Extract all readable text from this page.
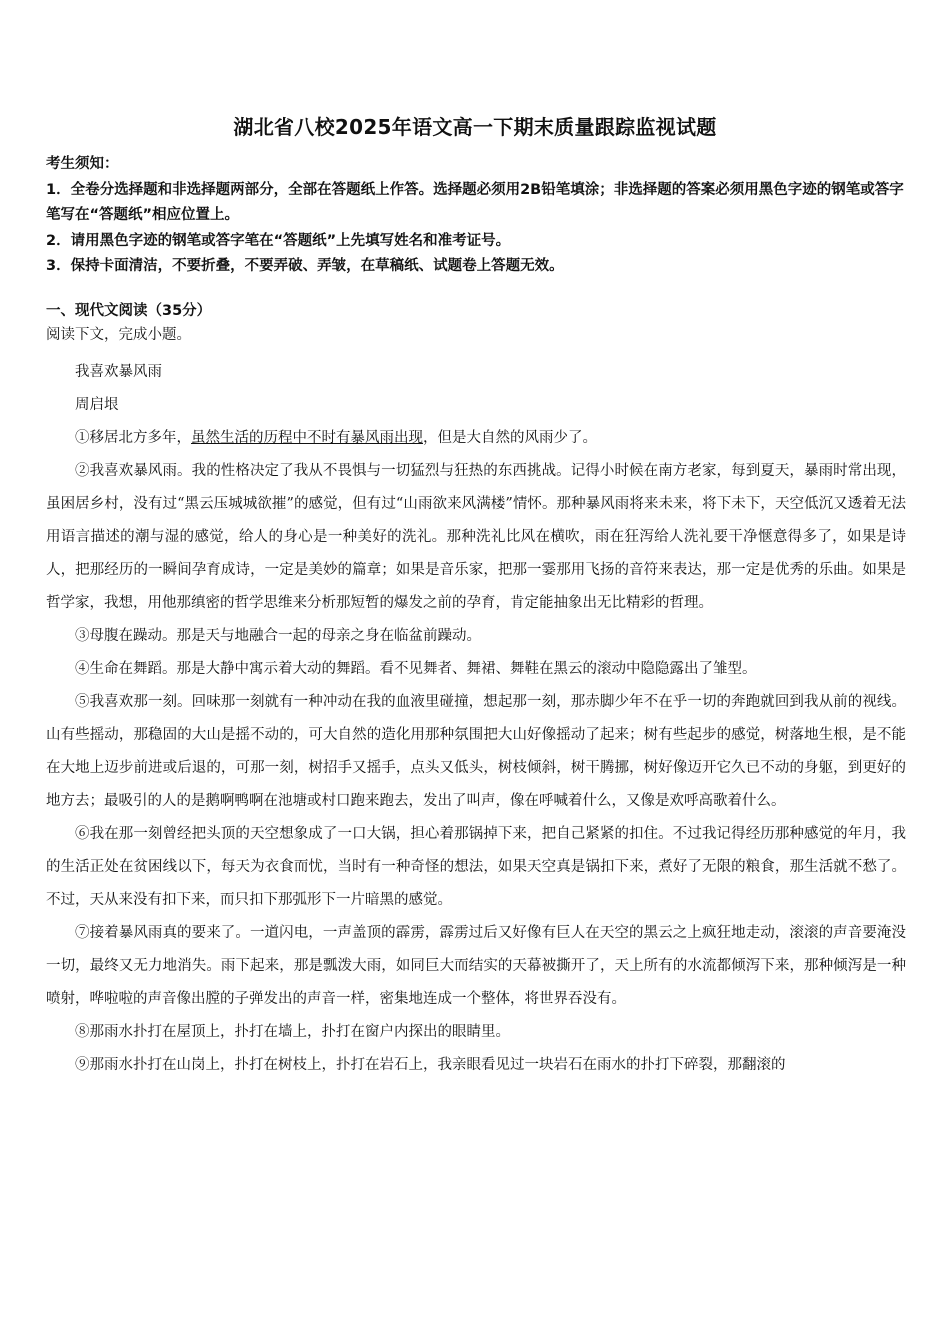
湖北省八校2025年语文高一下期末质量跟踪监视试题

考生须知：

1．全卷分选择题和非选择题两部分，全部在答题纸上作答。选择题必须用2B铅笔填涂；非选择题的答案必须用黑色字迹的钢笔或答字笔写在“答题纸”相应位置上。

2．请用黑色字迹的钢笔或答字笔在“答题纸”上先填写姓名和准考证号。

3．保持卡面清洁，不要折叠，不要弄破、弄皱，在草稿纸、试题卷上答题无效。

一、现代文阅读（35分）
阅读下文，完成小题。

我喜欢暴风雨

周启垠

①移居北方多年，虽然生活的历程中不时有暴风雨出现，但是大自然的风雨少了。

②我喜欢暴风雨。我的性格决定了我从不畏惧与一切猛烈与狂热的东西挑战。记得小时候在南方老家，每到夏天，暴雨时常出现，虽困居乡村，没有过“黑云压城城欲摧”的感觉，但有过“山雨欲来风满楼”情怀。那种暴风雨将来未来，将下未下，天空低沉又透着无法用语言描述的潮与湿的感觉，给人的身心是一种美好的洗礼。那种洗礼比风在横吹，雨在狂泻给人洗礼要干净惬意得多了，如果是诗人，把那经历的一瞬间孕育成诗，一定是美妙的篇章；如果是音乐家，把那一霎那用飞扬的音符来表达，那一定是优秀的乐曲。如果是哲学家，我想，用他那缜密的哲学思维来分析那短暂的爆发之前的孕育，肯定能抽象出无比精彩的哲理。

③母腹在躁动。那是天与地融合一起的母亲之身在临盆前躁动。

④生命在舞蹈。那是大静中寓示着大动的舞蹈。看不见舞者、舞裙、舞鞋在黑云的滚动中隐隐露出了雏型。

⑤我喜欢那一刻。回味那一刻就有一种冲动在我的血液里碰撞，想起那一刻，那赤脚少年不在乎一切的奔跑就回到我从前的视线。山有些摇动，那稳固的大山是摇不动的，可大自然的造化用那种氛围把大山好像摇动了起来；树有些起步的感觉，树落地生根，是不能在大地上迈步前进或后退的，可那一刻，树招手又摇手，点头又低头，树枝倾斜，树干腾挪，树好像迈开它久已不动的身躯，到更好的地方去；最吸引的人的是鹅啊鸭啊在池塘或村口跑来跑去，发出了叫声，像在呼喊着什么，又像是欢呼高歌着什么。

⑥我在那一刻曾经把头顶的天空想象成了一口大锅，担心着那锅掉下来，把自己紧紧的扣住。不过我记得经历那种感觉的年月，我的生活正处在贫困线以下，每天为衣食而忧，当时有一种奇怪的想法，如果天空真是锅扣下来，煮好了无限的粮食，那生活就不愁了。不过，天从来没有扣下来，而只扣下那弧形下一片暗黑的感觉。

⑦接着暴风雨真的要来了。一道闪电，一声盖顶的霹雳，霹雳过后又好像有巨人在天空的黑云之上疯狂地走动，滚滚的声音要淹没一切，最终又无力地消失。雨下起来，那是瓢泼大雨，如同巨大而结实的天幕被撕开了，天上所有的水流都倾泻下来，那种倾泻是一种喷射，哗啦啦的声音像出膛的子弹发出的声音一样，密集地连成一个整体，将世界吞没有。

⑧那雨水扑打在屋顶上，扑打在墙上，扑打在窗户内探出的眼睛里。

⑨那雨水扑打在山岗上，扑打在树枝上，扑打在岩石上，我亲眼看见过一块岩石在雨水的扑打下碎裂，那翻滚的
